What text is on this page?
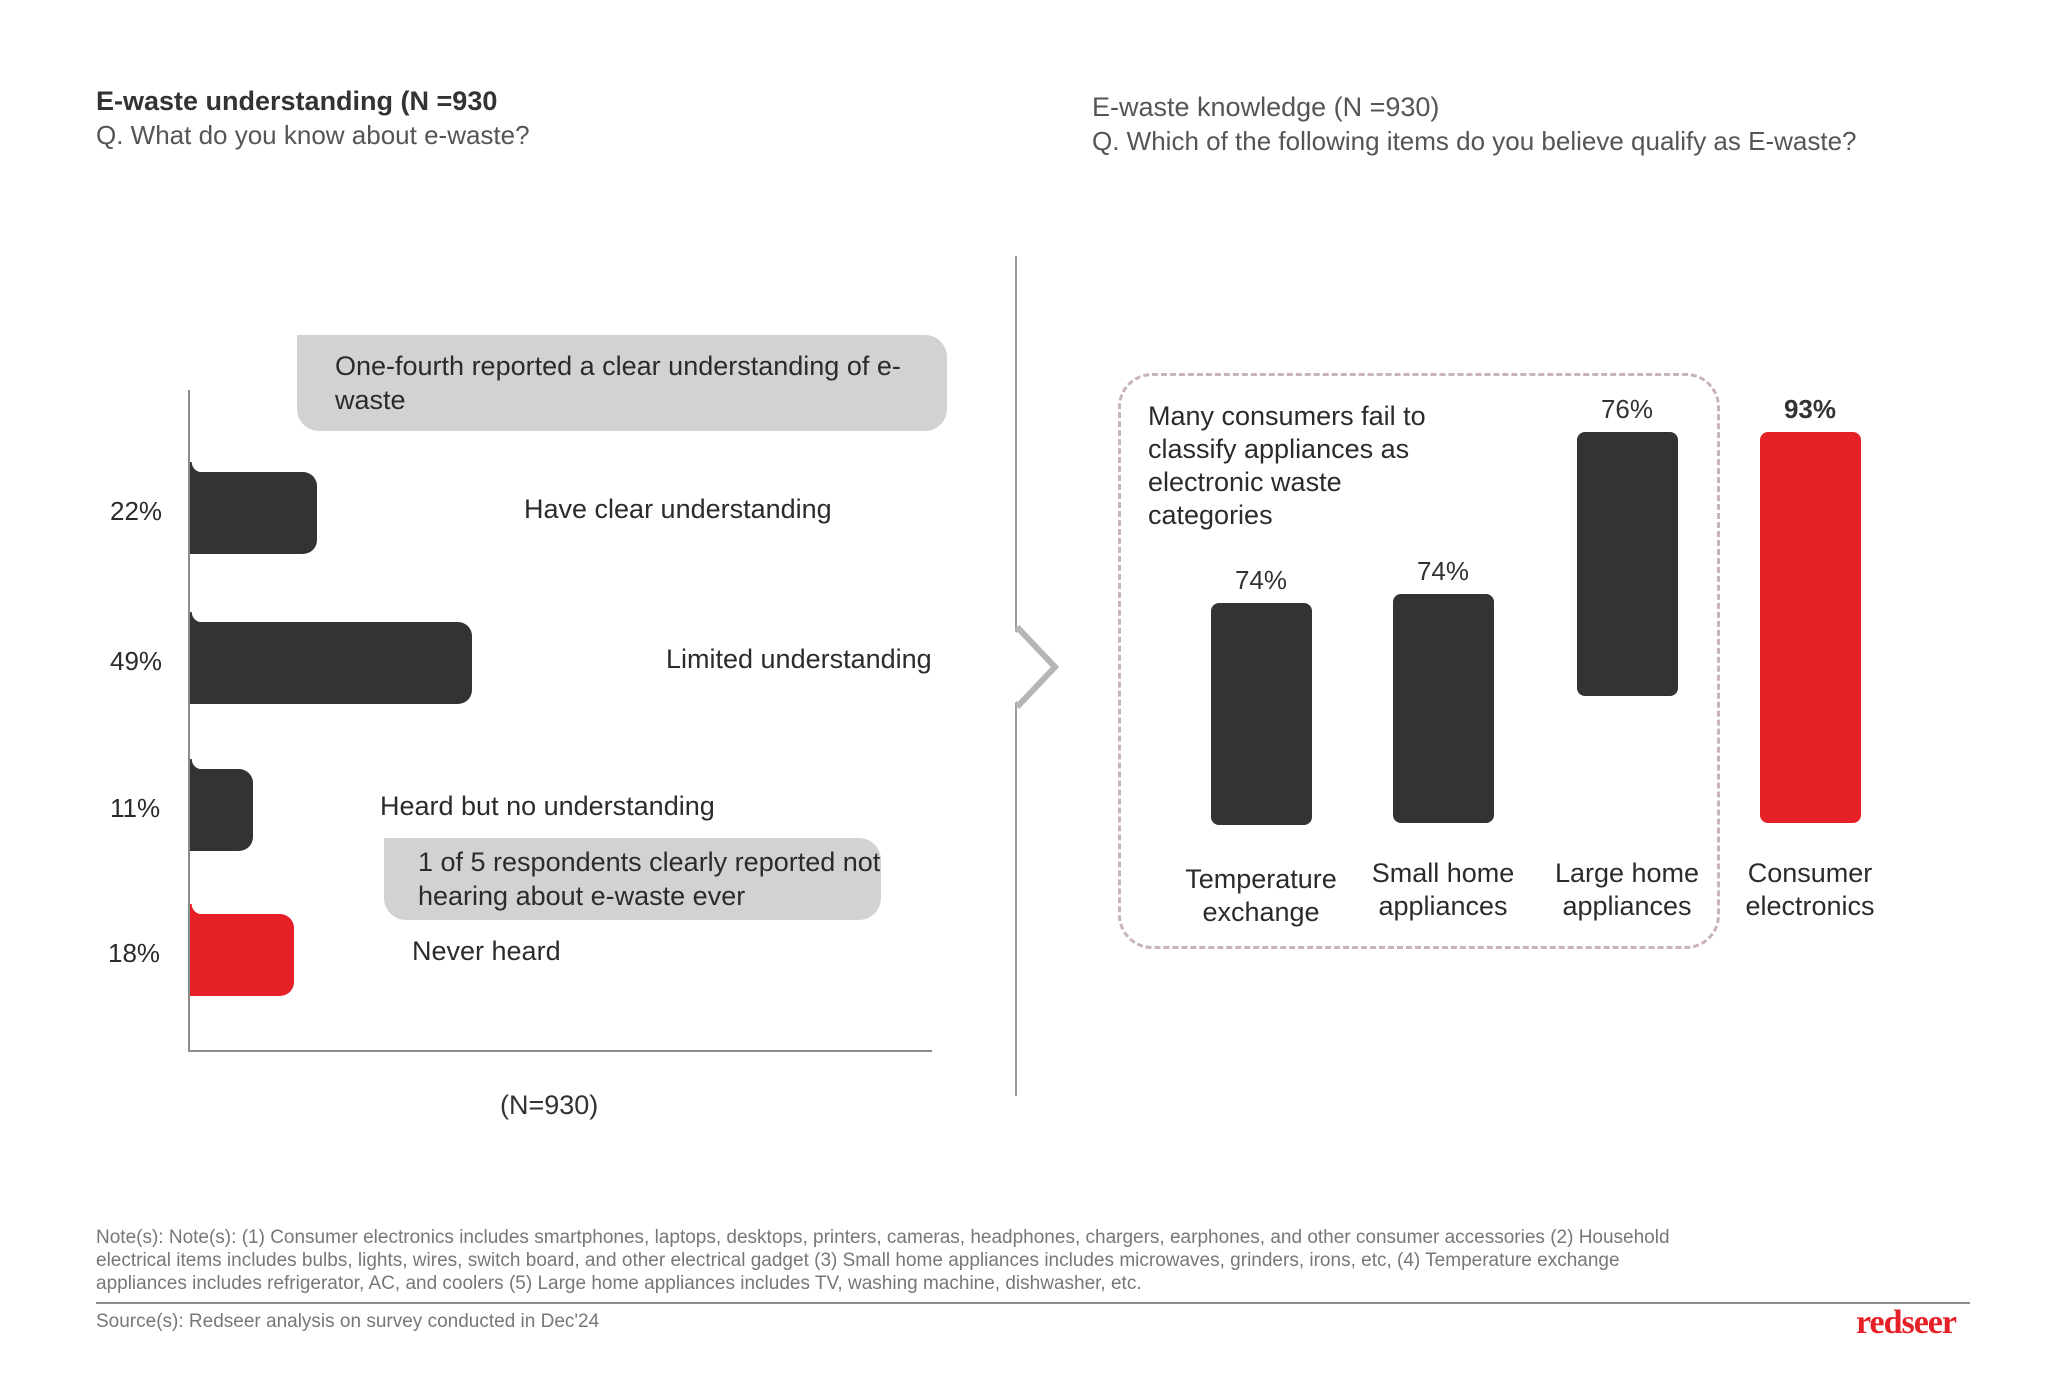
E-waste understanding (N =930
Q. What do you know about e-waste?
E-waste knowledge (N =930)
Q. Which of the following items do you believe qualify as E-waste?
One-fourth reported a clear understanding of e-waste
22%
49%
11%
18%
Have clear understanding
Limited understanding
Heard but no understanding
Never heard
1 of 5 respondents clearly reported not hearing about e-waste ever
(N=930)
Many consumers fail to classify appliances as electronic waste categories
74%	74%
76%	93%
Temperature exchange
Small home appliances
Large home appliances
Consumer electronics
Note(s): Note(s): (1) Consumer electronics includes smartphones, laptops, desktops, printers, cameras, headphones, chargers, earphones, and other consumer accessories (2) Household electrical items includes bulbs, lights, wires, switch board, and other electrical gadget (3) Small home appliances includes microwaves, grinders, irons, etc, (4) Temperature exchange appliances includes refrigerator, AC, and coolers (5) Large home appliances includes TV, washing machine, dishwasher, etc.
Source(s): Redseer analysis on survey conducted in Dec'24	redseer
